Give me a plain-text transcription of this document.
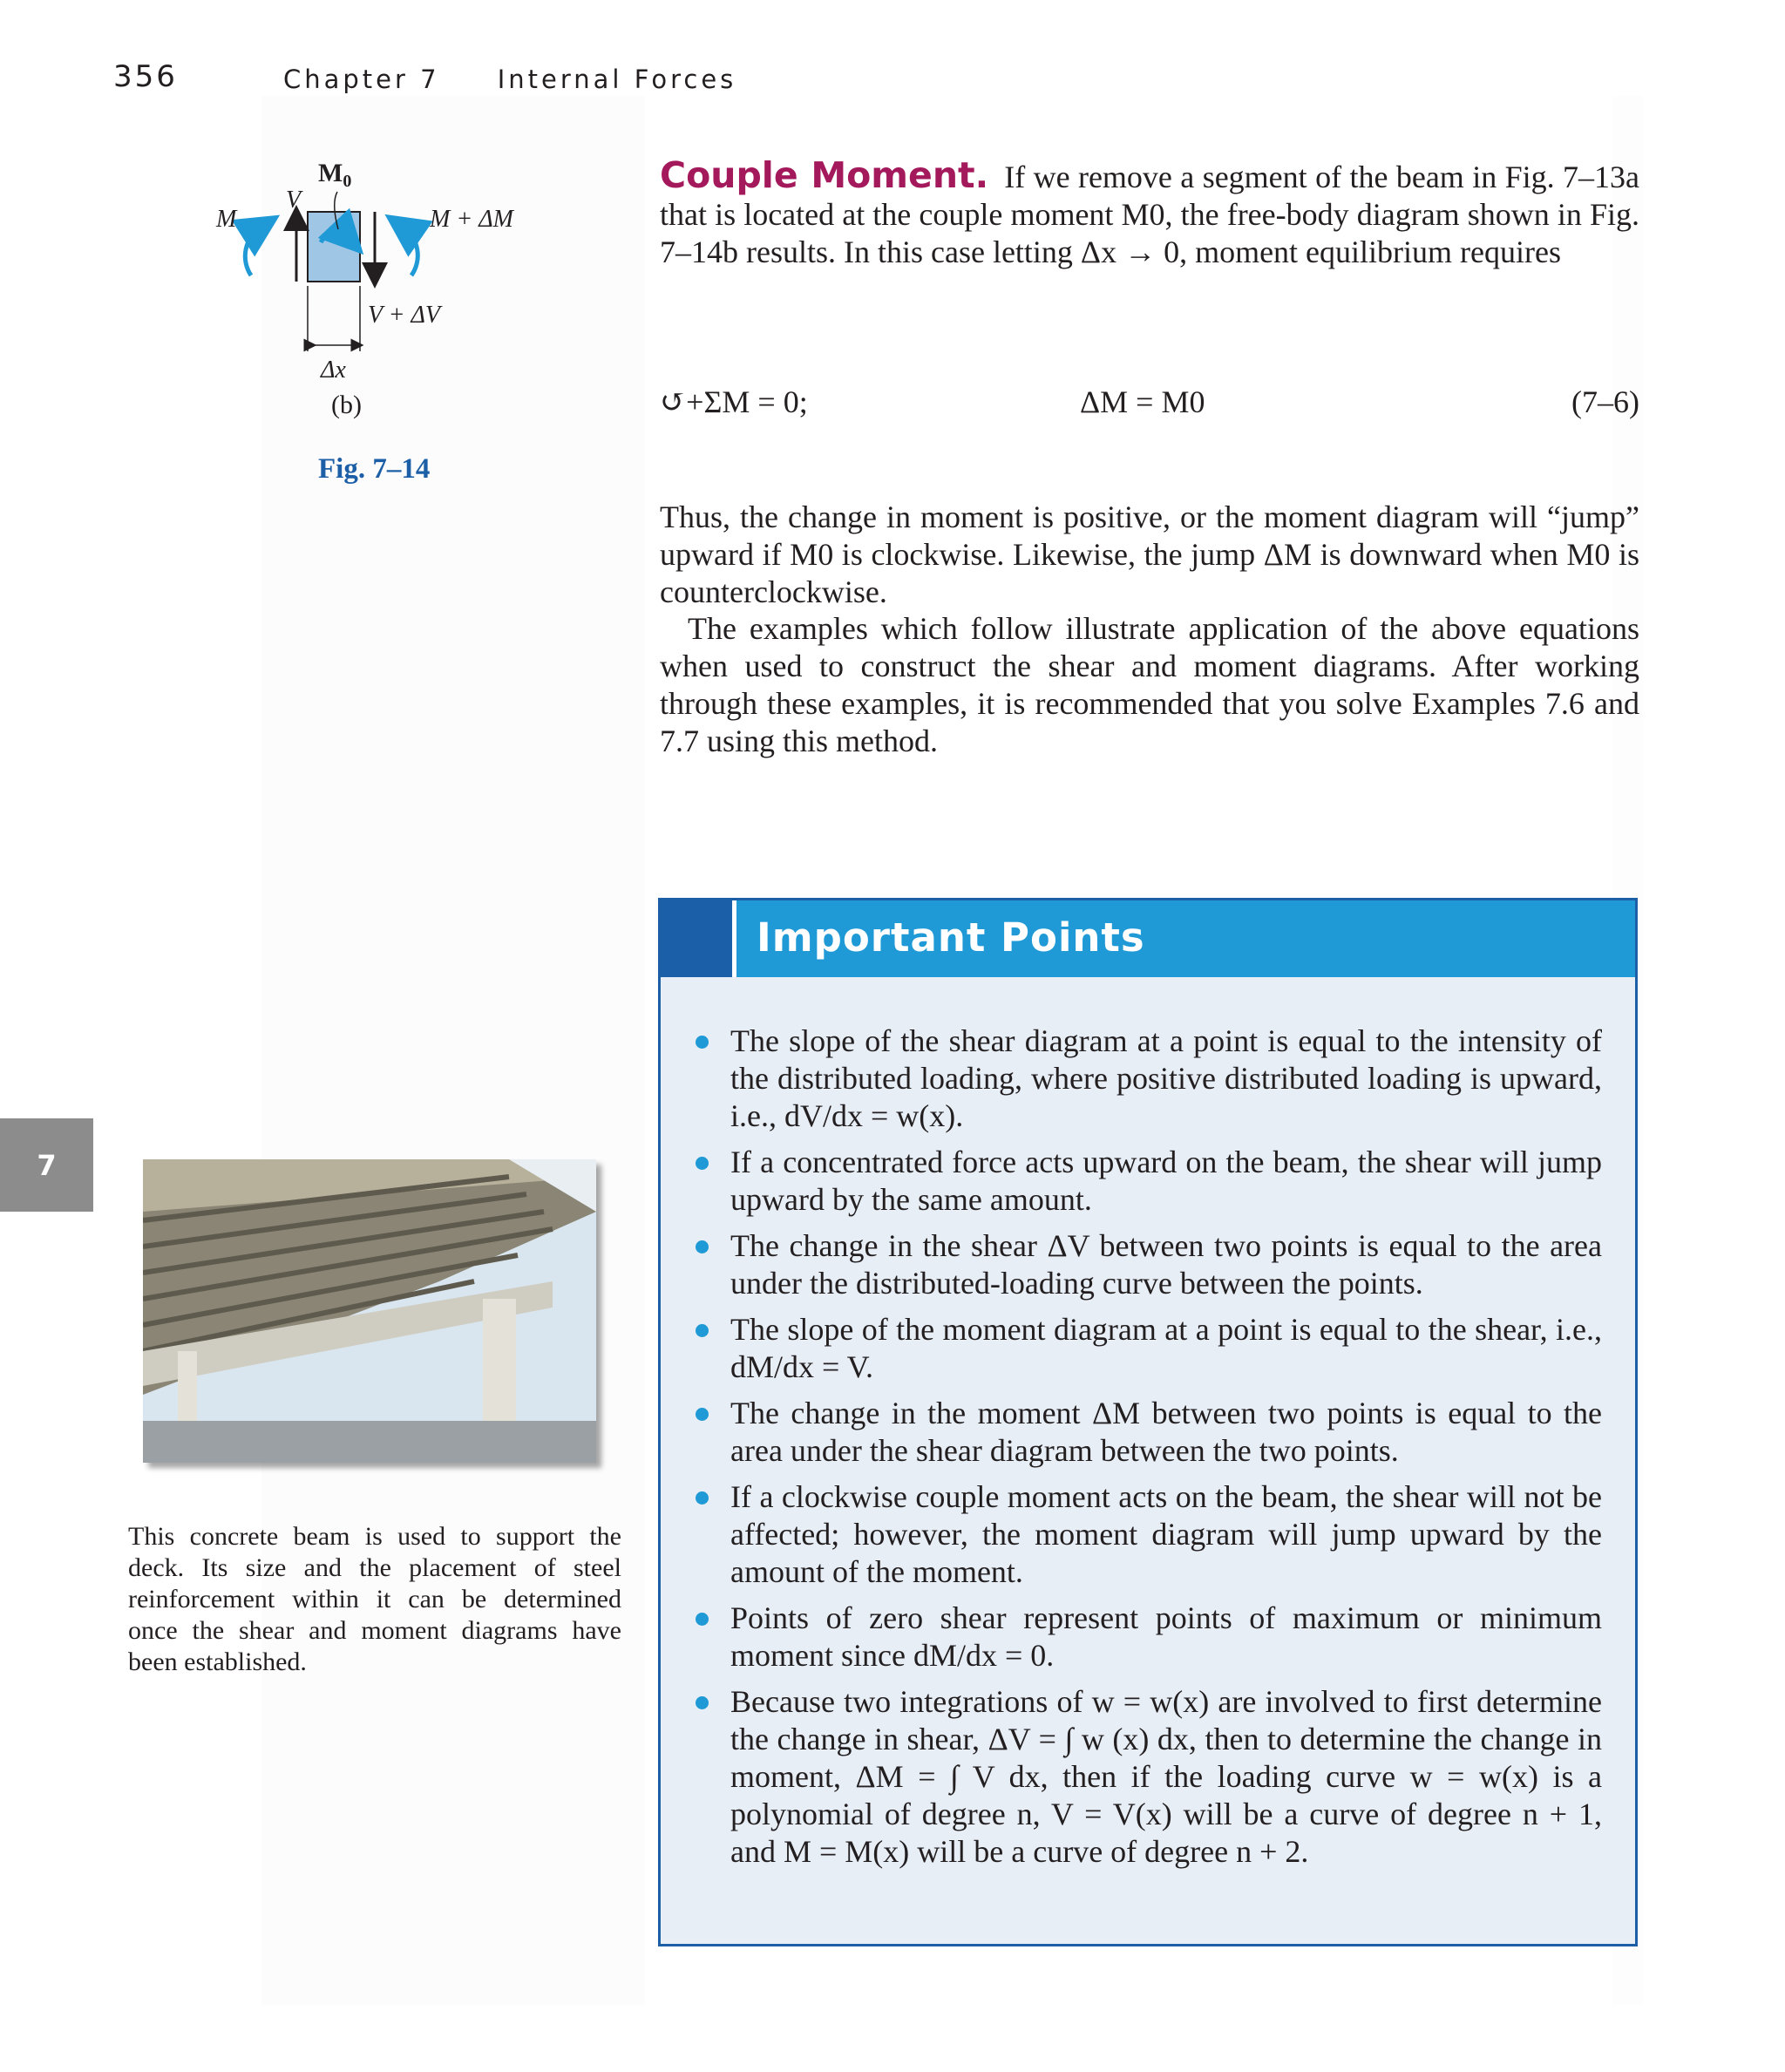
356	Chapter 7 Internal Forces
$M_0$
V
M	M + ΔM
V + ΔV
Δx
(b)
Fig. 7–14
Couple Moment. If we remove a segment of the beam in Fig. 7–13a that is located at the couple moment M0, the free-body diagram shown in Fig. 7–14b results. In this case letting Δx → 0, moment equilibrium requires
↺+ΣM = 0;	ΔM = M0	(7–6)
Thus, the change in moment is positive, or the moment diagram will “jump” upward if M0 is clockwise. Likewise, the jump ΔM is downward when M0 is counterclockwise.
The examples which follow illustrate application of the above equations when used to construct the shear and moment diagrams. After working through these examples, it is recommended that you solve Examples 7.6 and 7.7 using this method.
7
This concrete beam is used to support the deck. Its size and the placement of steel reinforcement within it can be determined once the shear and moment diagrams have been established.
Important Points
The slope of the shear diagram at a point is equal to the intensity of the distributed loading, where positive distributed loading is upward, i.e., dV/dx = w(x).
If a concentrated force acts upward on the beam, the shear will jump upward by the same amount.
The change in the shear ΔV between two points is equal to the area under the distributed-loading curve between the points.
The slope of the moment diagram at a point is equal to the shear, i.e., dM/dx = V.
The change in the moment ΔM between two points is equal to the area under the shear diagram between the two points.
If a clockwise couple moment acts on the beam, the shear will not be affected; however, the moment diagram will jump upward by the amount of the moment.
Points of zero shear represent points of maximum or minimum moment since dM/dx = 0.
Because two integrations of w = w(x) are involved to first determine the change in shear, ΔV = ∫ w (x) dx, then to determine the change in moment, ΔM = ∫ V dx, then if the loading curve w = w(x) is a polynomial of degree n, V = V(x) will be a curve of degree n + 1, and M = M(x) will be a curve of degree n + 2.
